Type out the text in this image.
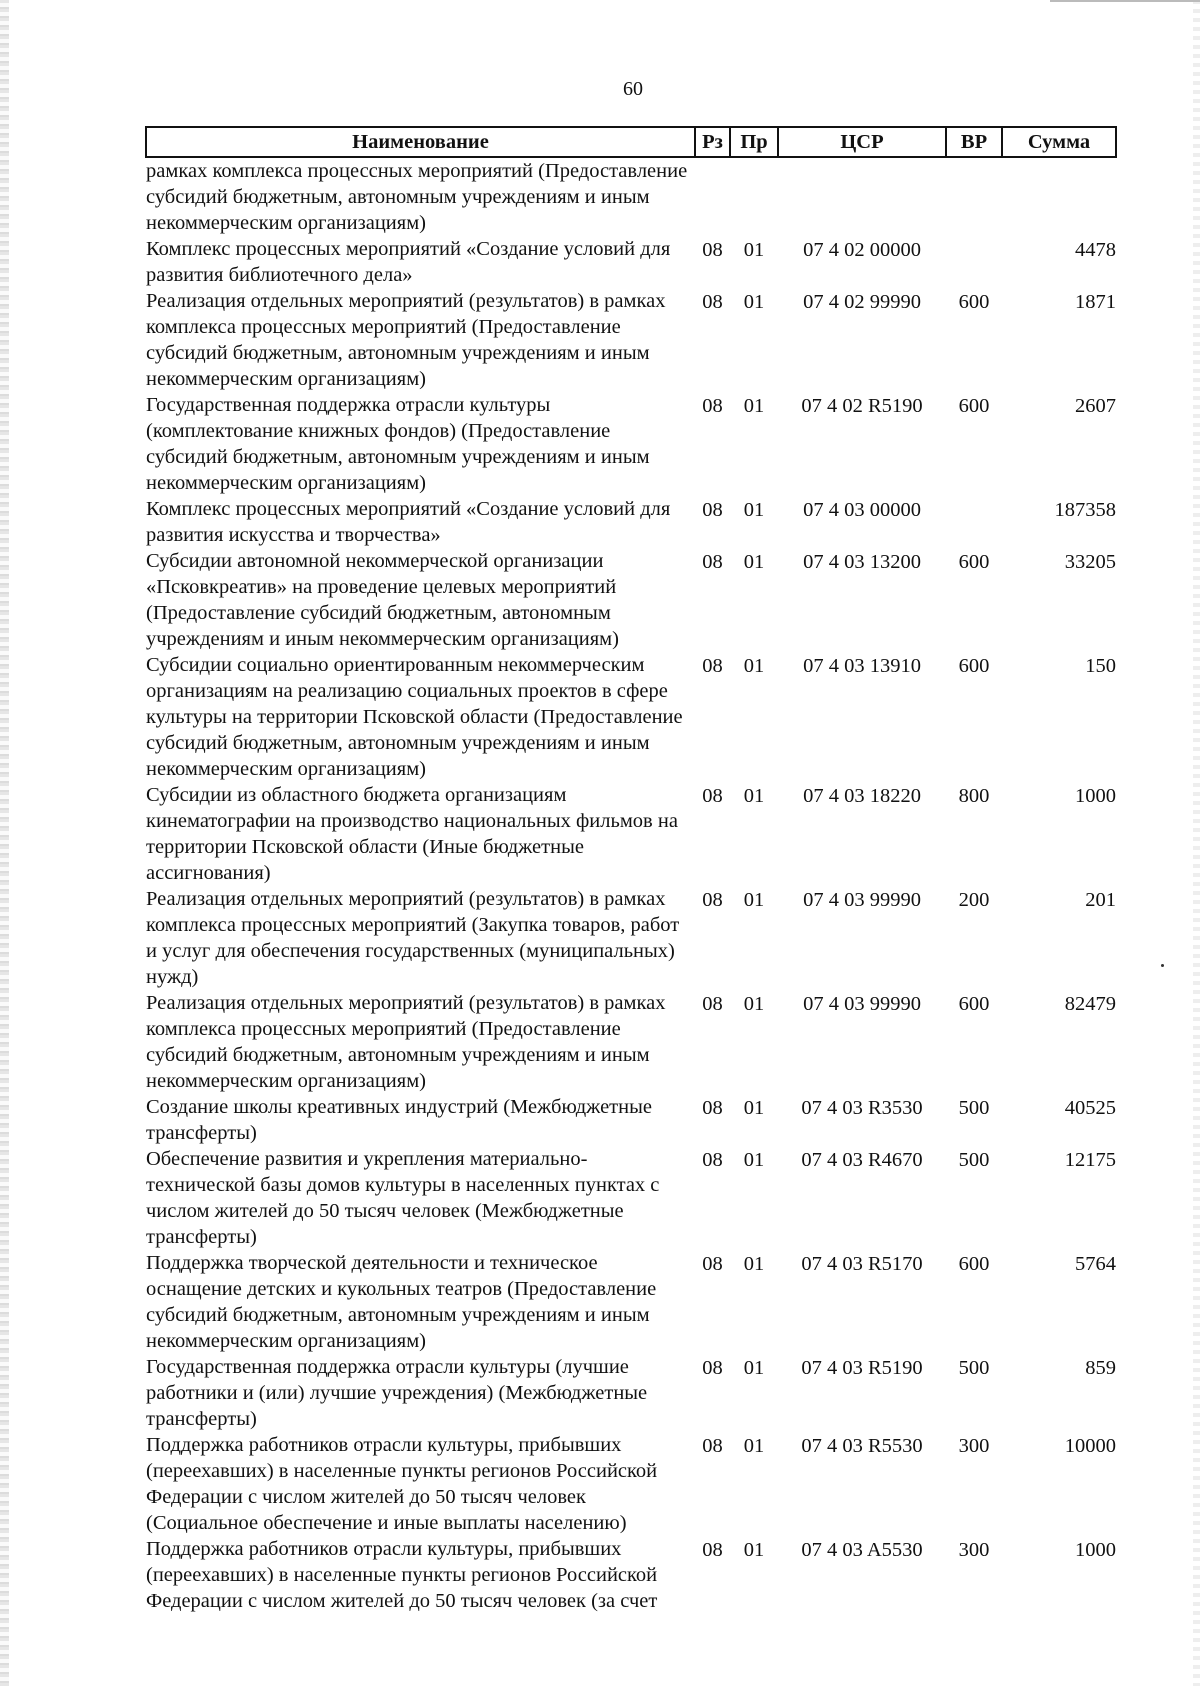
60
Наименование	Рз	Пр	ЦСР	ВР	Сумма
рамках комплекса процессных мероприятий (Предоставление субсидий бюджетным, автономным учреждениям и иным некоммерческим организациям)					
Комплекс процессных мероприятий «Создание условий для развития библиотечного дела»	08	01	07 4 02 00000		4478
Реализация отдельных мероприятий (результатов) в рамках комплекса процессных мероприятий (Предоставление субсидий бюджетным, автономным учреждениям и иным некоммерческим организациям)	08	01	07 4 02 99990	600	1871
Государственная поддержка отрасли культуры (комплектование книжных фондов) (Предоставление субсидий бюджетным, автономным учреждениям и иным некоммерческим организациям)	08	01	07 4 02 R5190	600	2607
Комплекс процессных мероприятий «Создание условий для развития искусства и творчества»	08	01	07 4 03 00000		187358
Субсидии автономной некоммерческой организации «Псковкреатив» на проведение целевых мероприятий (Предоставление субсидий бюджетным, автономным учреждениям и иным некоммерческим организациям)	08	01	07 4 03 13200	600	33205
Субсидии социально ориентированным некоммерческим организациям на реализацию социальных проектов в сфере культуры на территории Псковской области (Предоставление субсидий бюджетным, автономным учреждениям и иным некоммерческим организациям)	08	01	07 4 03 13910	600	150
Субсидии из областного бюджета организациям кинематографии на производство национальных фильмов на территории Псковской области (Иные бюджетные ассигнования)	08	01	07 4 03 18220	800	1000
Реализация отдельных мероприятий (результатов) в рамках комплекса процессных мероприятий (Закупка товаров, работ и услуг для обеспечения государственных (муниципальных) нужд)	08	01	07 4 03 99990	200	201
Реализация отдельных мероприятий (результатов) в рамках комплекса процессных мероприятий (Предоставление субсидий бюджетным, автономным учреждениям и иным некоммерческим организациям)	08	01	07 4 03 99990	600	82479
Создание школы креативных индустрий (Межбюджетные трансферты)	08	01	07 4 03 R3530	500	40525
Обеспечение развития и укрепления материально-технической базы домов культуры в населенных пунктах с числом жителей до 50 тысяч человек (Межбюджетные трансферты)	08	01	07 4 03 R4670	500	12175
Поддержка творческой деятельности и техническое оснащение детских и кукольных театров (Предоставление субсидий бюджетным, автономным учреждениям и иным некоммерческим организациям)	08	01	07 4 03 R5170	600	5764
Государственная поддержка отрасли культуры (лучшие работники и (или) лучшие учреждения) (Межбюджетные трансферты)	08	01	07 4 03 R5190	500	859
Поддержка работников отрасли культуры, прибывших (переехавших) в населенные пункты регионов Российской Федерации с числом жителей до 50 тысяч человек (Социальное обеспечение и иные выплаты населению)	08	01	07 4 03 R5530	300	10000
Поддержка работников отрасли культуры, прибывших (переехавших) в населенные пункты регионов Российской Федерации с числом жителей до 50 тысяч человек (за счет	08	01	07 4 03 A5530	300	1000
